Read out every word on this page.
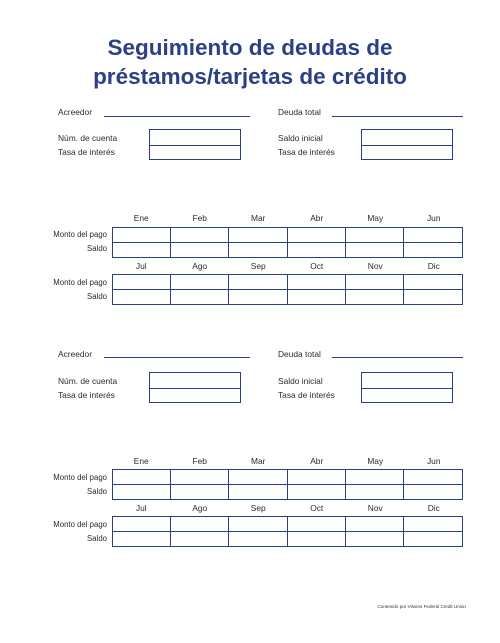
Seguimiento de deudas de
préstamos/tarjetas de crédito
Acreedor	Deuda total
Núm. de cuenta
Tasa de interés
Saldo inicial
Tasa de interés
Ene	Feb	Mar	Abr	May	Jun
Monto del pago
Saldo
Jul	Ago	Sep	Oct	Nov	Dic
Monto del pago
Saldo
Acreedor	Deuda total
Núm. de cuenta
Tasa de interés
Saldo inicial
Tasa de interés
Ene	Feb	Mar	Abr	May	Jun
Monto del pago
Saldo
Jul	Ago	Sep	Oct	Nov	Dic
Monto del pago
Saldo
Contenido por Visions Federal Credit Union
